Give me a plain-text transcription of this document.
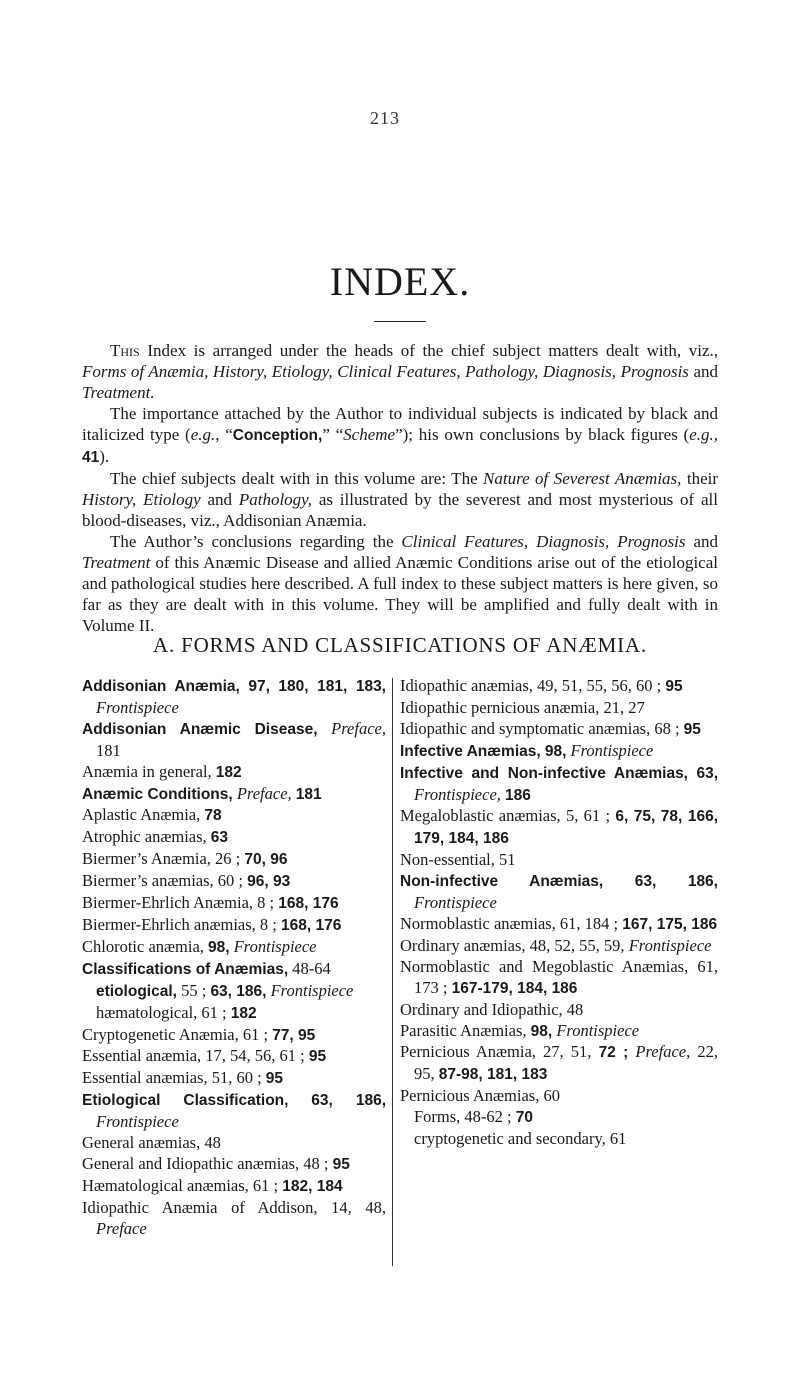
213
INDEX.

This Index is arranged under the heads of the chief subject matters dealt with, viz., Forms of Anæmia, History, Etiology, Clinical Features, Pathology, Diagnosis, Prognosis and Treatment.

The importance attached by the Author to individual subjects is indicated by black and italicized type (e.g., “Conception,” “Scheme”); his own conclusions by black figures (e.g., 41).

The chief subjects dealt with in this volume are: The Nature of Severest Anæmias, their History, Etiology and Pathology, as illustrated by the severest and most mysterious of all blood-diseases, viz., Addisonian Anæmia.

The Author’s conclusions regarding the Clinical Features, Diagnosis, Prognosis and Treatment of this Anæmic Disease and allied Anæmic Conditions arise out of the etiological and pathological studies here described. A full index to these subject matters is here given, so far as they are dealt with in this volume. They will be amplified and fully dealt with in Volume II.

A. FORMS AND CLASSIFICATIONS OF ANÆMIA.
Addisonian Anæmia, 97, 180, 181, 183, Frontispiece
Addisonian Anæmic Disease, Preface, 181
Anæmia in general, 182
Anæmic Conditions, Preface, 181
Aplastic Anæmia, 78
Atrophic anæmias, 63
Biermer’s Anæmia, 26 ; 70, 96
Biermer’s anæmias, 60 ; 96, 93
Biermer-Ehrlich Anæmia, 8 ; 168, 176
Biermer-Ehrlich anæmias, 8 ; 168, 176
Chlorotic anæmia, 98, Frontispiece
Classifications of Anæmias, 48-64
etiological, 55 ; 63, 186, Frontispiece
hæmatological, 61 ; 182
Cryptogenetic Anæmia, 61 ; 77, 95
Essential anæmia, 17, 54, 56, 61 ; 95
Essential anæmias, 51, 60 ; 95
Etiological Classification, 63, 186, Frontispiece
General anæmias, 48
General and Idiopathic anæmias, 48 ; 95
Hæmatological anæmias, 61 ; 182, 184
Idiopathic Anæmia of Addison, 14, 48, Preface
Idiopathic anæmias, 49, 51, 55, 56, 60 ; 95
Idiopathic pernicious anæmia, 21, 27
Idiopathic and symptomatic anæmias, 68 ; 95
Infective Anæmias, 98, Frontispiece
Infective and Non-infective Anæmias, 63, Frontispiece, 186
Megaloblastic anæmias, 5, 61 ; 6, 75, 78, 166, 179, 184, 186
Non-essential, 51
Non-infective Anæmias, 63, 186, Frontispiece
Normoblastic anæmias, 61, 184 ; 167, 175, 186
Ordinary anæmias, 48, 52, 55, 59, Frontispiece
Normoblastic and Megoblastic Anæmias, 61, 173 ; 167-179, 184, 186
Ordinary and Idiopathic, 48
Parasitic Anæmias, 98, Frontispiece
Pernicious Anæmia, 27, 51, 72 ; Preface, 22, 95, 87-98, 181, 183
Pernicious Anæmias, 60
Forms, 48-62 ; 70
cryptogenetic and secondary, 61
